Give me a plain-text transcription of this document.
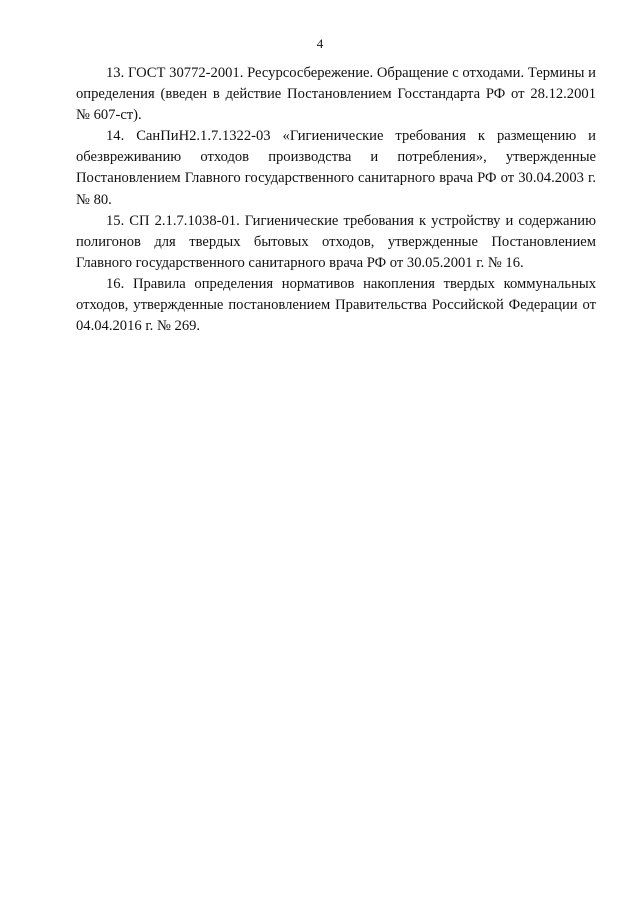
4

13. ГОСТ 30772-2001. Ресурсосбережение. Обращение с отходами. Термины и определения (введен в действие Постановлением Госстандарта РФ от 28.12.2001 № 607-ст).

14. СанПиН2.1.7.1322-03 «Гигиенические требования к размещению и обезвреживанию отходов производства и потребления», утвержденные Постановлением Главного государственного санитарного врача РФ от 30.04.2003 г. № 80.

15. СП 2.1.7.1038-01. Гигиенические требования к устройству и содержанию полигонов для твердых бытовых отходов, утвержденные Постановлением Главного государственного санитарного врача РФ от 30.05.2001 г. № 16.

16. Правила определения нормативов накопления твердых коммунальных отходов, утвержденные постановлением Правительства Российской Федерации от 04.04.2016 г. № 269.
